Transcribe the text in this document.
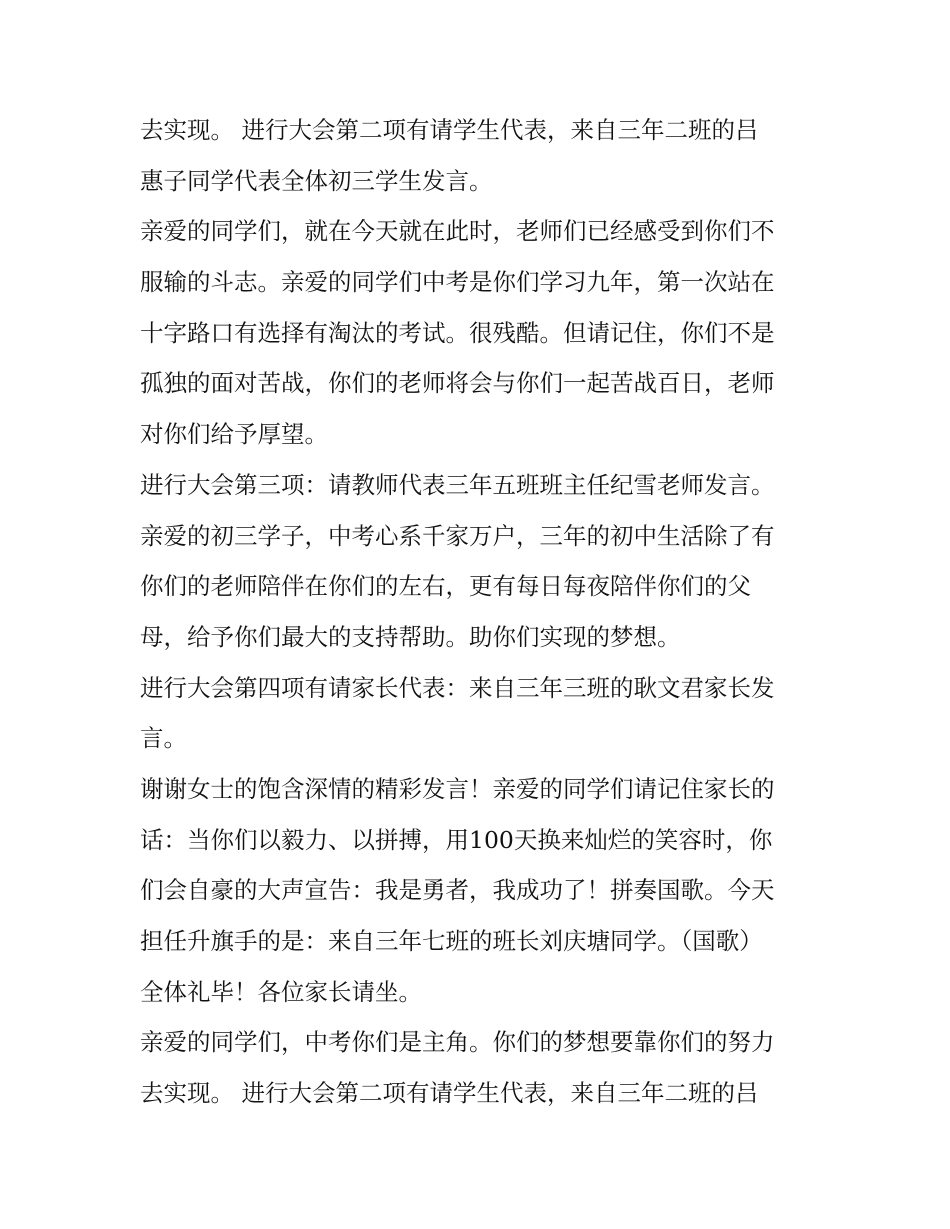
去实现。 进行大会第二项有请学生代表，来自三年二班的吕
惠子同学代表全体初三学生发言。
亲爱的同学们，就在今天就在此时，老师们已经感受到你们不
服输的斗志。亲爱的同学们中考是你们学习九年，第一次站在
十字路口有选择有淘汰的考试。很残酷。但请记住，你们不是
孤独的面对苦战，你们的老师将会与你们一起苦战百日，老师
对你们给予厚望。
进行大会第三项：请教师代表三年五班班主任纪雪老师发言。
亲爱的初三学子，中考心系千家万户，三年的初中生活除了有
你们的老师陪伴在你们的左右，更有每日每夜陪伴你们的父
母，给予你们最大的支持帮助。助你们实现的梦想。
进行大会第四项有请家长代表：来自三年三班的耿文君家长发
言。
谢谢女士的饱含深情的精彩发言！亲爱的同学们请记住家长的
话：当你们以毅力、以拼搏，用100天换来灿烂的笑容时，你
们会自豪的大声宣告：我是勇者，我成功了！拼奏国歌。今天
担任升旗手的是：来自三年七班的班长刘庆塘同学。（国歌）
全体礼毕！各位家长请坐。
亲爱的同学们，中考你们是主角。你们的梦想要靠你们的努力
去实现。 进行大会第二项有请学生代表，来自三年二班的吕
